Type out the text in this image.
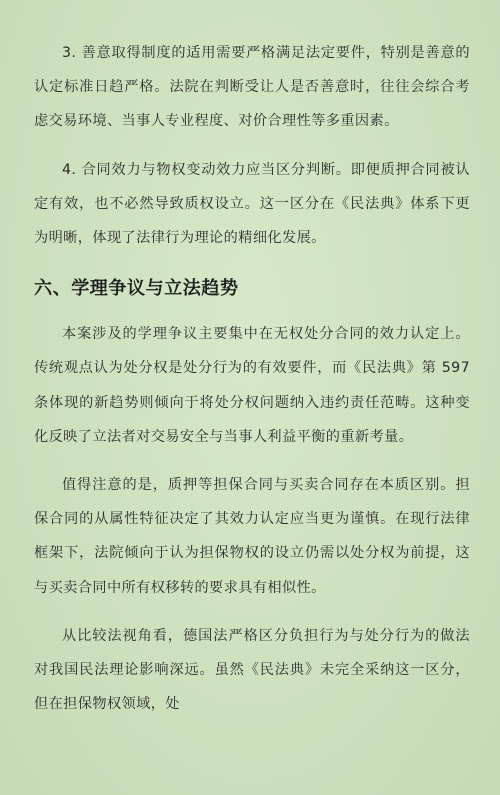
3. 善意取得制度的适用需要严格满足法定要件，特别是善意的认定标准日趋严格。法院在判断受让人是否善意时，往往会综合考虑交易环境、当事人专业程度、对价合理性等多重因素。

4. 合同效力与物权变动效力应当区分判断。即便质押合同被认定有效，也不必然导致质权设立。这一区分在《民法典》体系下更为明晰，体现了法律行为理论的精细化发展。

六、学理争议与立法趋势

本案涉及的学理争议主要集中在无权处分合同的效力认定上。传统观点认为处分权是处分行为的有效要件，而《民法典》第 597 条体现的新趋势则倾向于将处分权问题纳入违约责任范畴。这种变化反映了立法者对交易安全与当事人利益平衡的重新考量。

值得注意的是，质押等担保合同与买卖合同存在本质区别。担保合同的从属性特征决定了其效力认定应当更为谨慎。在现行法律框架下，法院倾向于认为担保物权的设立仍需以处分权为前提，这与买卖合同中所有权移转的要求具有相似性。

从比较法视角看，德国法严格区分负担行为与处分行为的做法对我国民法理论影响深远。虽然《民法典》未完全采纳这一区分，但在担保物权领域，处
